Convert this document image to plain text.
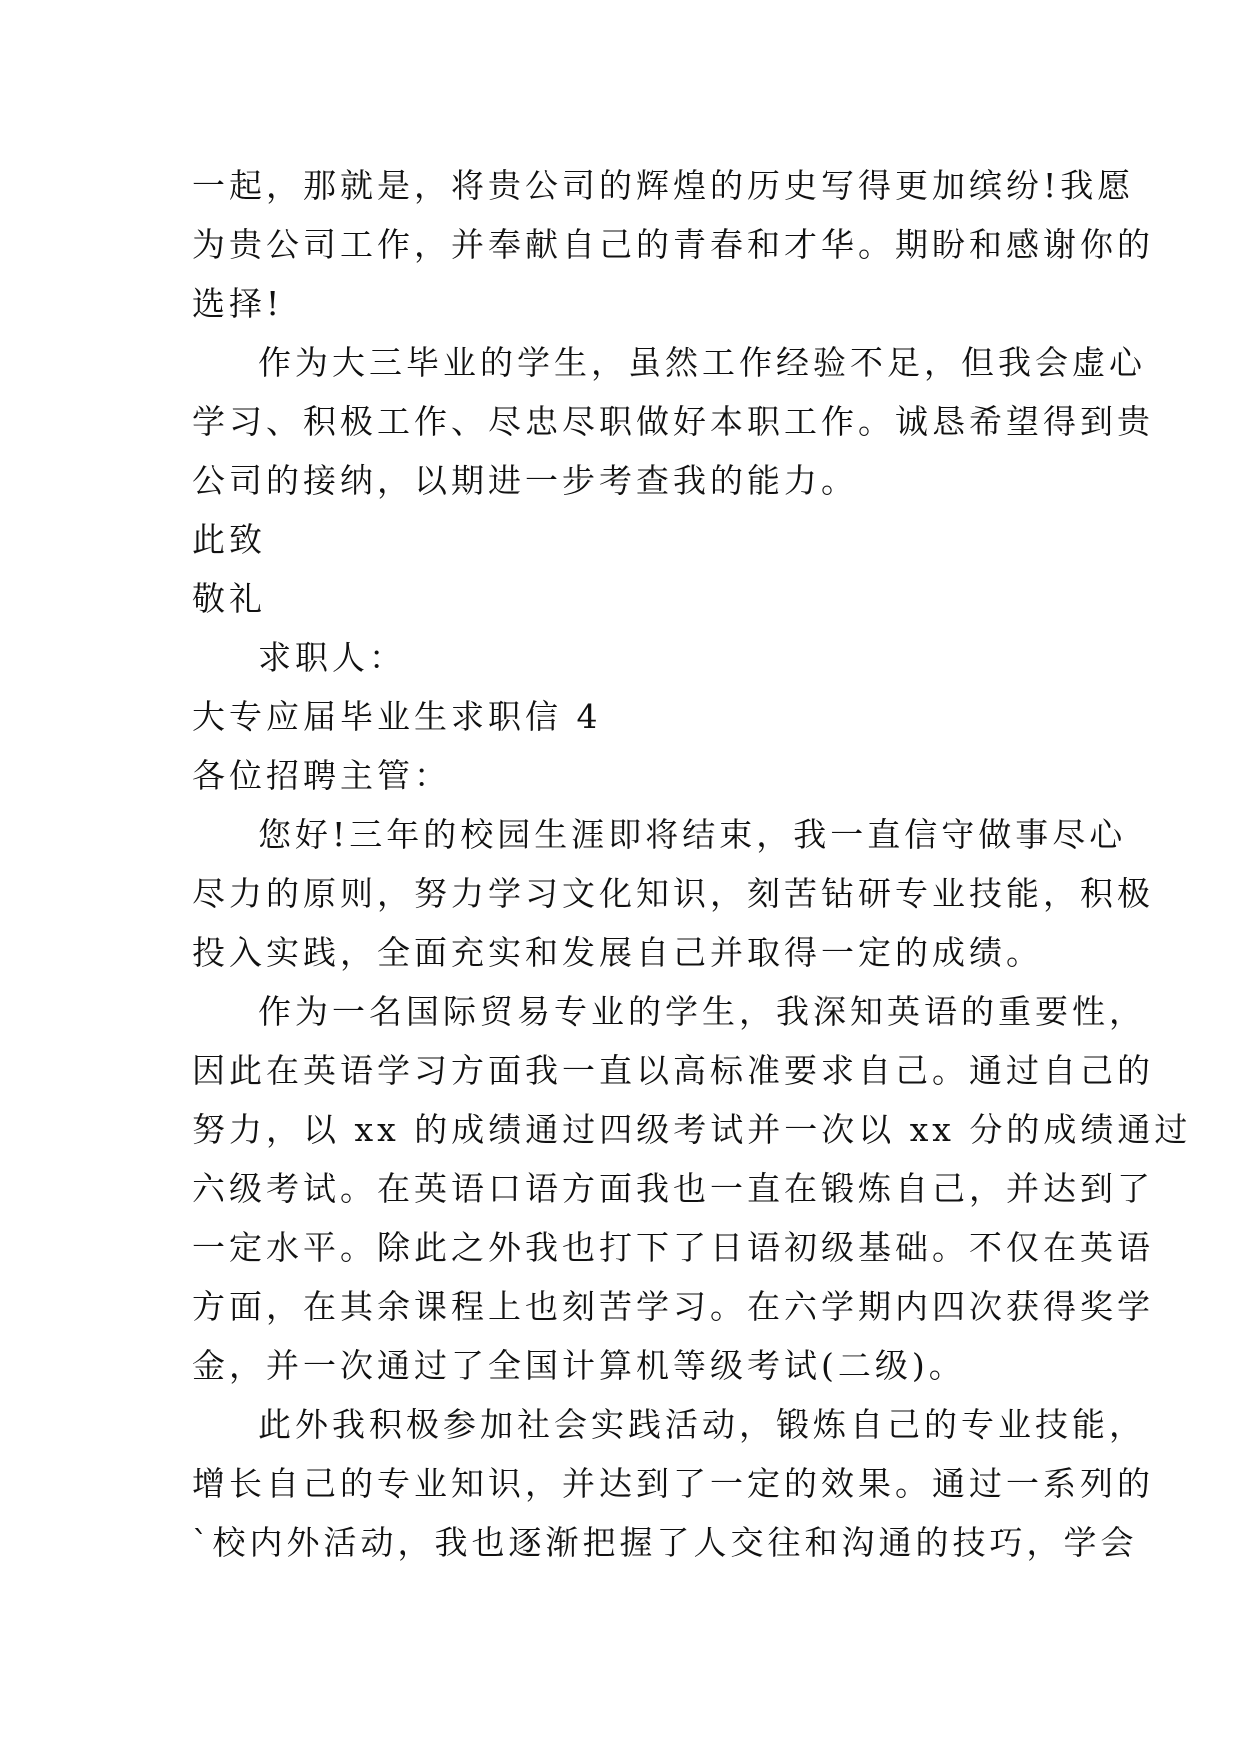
一起，那就是，将贵公司的辉煌的历史写得更加缤纷!我愿
为贵公司工作，并奉献自己的青春和才华。期盼和感谢你的
选择!
作为大三毕业的学生，虽然工作经验不足，但我会虚心
学习、积极工作、尽忠尽职做好本职工作。诚恳希望得到贵
公司的接纳，以期进一步考查我的能力。
此致
敬礼
求职人：
大专应届毕业生求职信 4
各位招聘主管：
您好!三年的校园生涯即将结束，我一直信守做事尽心
尽力的原则，努力学习文化知识，刻苦钻研专业技能，积极
投入实践，全面充实和发展自己并取得一定的成绩。
作为一名国际贸易专业的学生，我深知英语的重要性，
因此在英语学习方面我一直以高标准要求自己。通过自己的
努力，以 xx 的成绩通过四级考试并一次以 xx 分的成绩通过
六级考试。在英语口语方面我也一直在锻炼自己，并达到了
一定水平。除此之外我也打下了日语初级基础。不仅在英语
方面，在其余课程上也刻苦学习。在六学期内四次获得奖学
金，并一次通过了全国计算机等级考试(二级)。
此外我积极参加社会实践活动，锻炼自己的专业技能，
增长自己的专业知识，并达到了一定的效果。通过一系列的
`校内外活动，我也逐渐把握了人交往和沟通的技巧，学会
